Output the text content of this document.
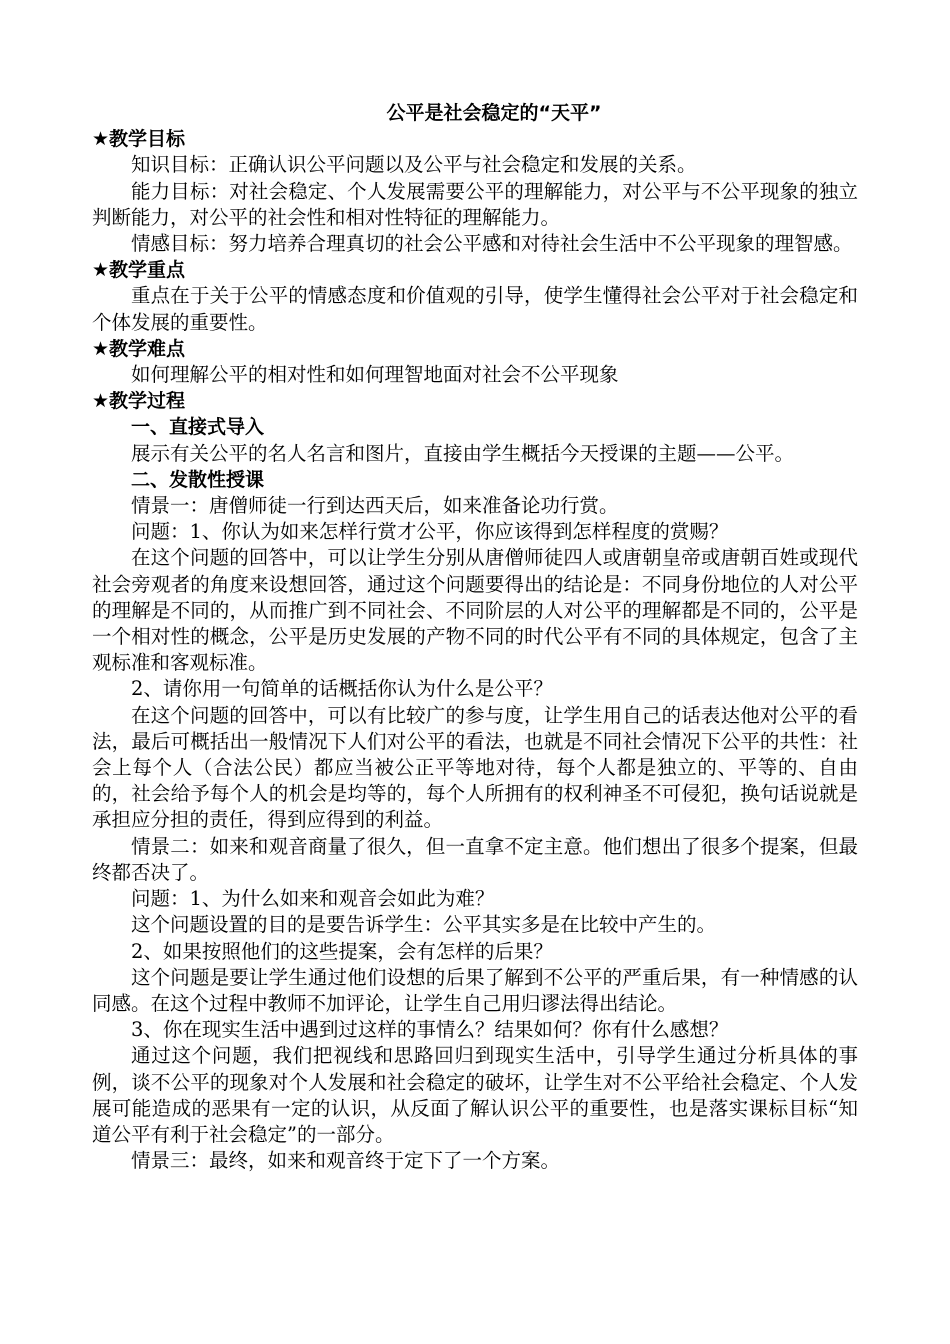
公平是社会稳定的“天平”

★教学目标

知识目标：正确认识公平问题以及公平与社会稳定和发展的关系。

能力目标：对社会稳定、个人发展需要公平的理解能力，对公平与不公平现象的独立判断能力，对公平的社会性和相对性特征的理解能力。

情感目标：努力培养合理真切的社会公平感和对待社会生活中不公平现象的理智感。

★教学重点

重点在于关于公平的情感态度和价值观的引导，使学生懂得社会公平对于社会稳定和个体发展的重要性。

★教学难点

如何理解公平的相对性和如何理智地面对社会不公平现象

★教学过程

一、直接式导入

展示有关公平的名人名言和图片，直接由学生概括今天授课的主题——公平。

二、发散性授课

情景一：唐僧师徒一行到达西天后，如来准备论功行赏。

问题：1、你认为如来怎样行赏才公平，你应该得到怎样程度的赏赐？

在这个问题的回答中，可以让学生分别从唐僧师徒四人或唐朝皇帝或唐朝百姓或现代社会旁观者的角度来设想回答，通过这个问题要得出的结论是：不同身份地位的人对公平的理解是不同的，从而推广到不同社会、不同阶层的人对公平的理解都是不同的，公平是一个相对性的概念，公平是历史发展的产物不同的时代公平有不同的具体规定，包含了主观标准和客观标准。

2、请你用一句简单的话概括你认为什么是公平？

在这个问题的回答中，可以有比较广的参与度，让学生用自己的话表达他对公平的看法，最后可概括出一般情况下人们对公平的看法，也就是不同社会情况下公平的共性：社会上每个人（合法公民）都应当被公正平等地对待，每个人都是独立的、平等的、自由的，社会给予每个人的机会是均等的，每个人所拥有的权利神圣不可侵犯，换句话说就是承担应分担的责任，得到应得到的利益。

情景二：如来和观音商量了很久，但一直拿不定主意。他们想出了很多个提案，但最终都否决了。

问题：1、为什么如来和观音会如此为难？

这个问题设置的目的是要告诉学生：公平其实多是在比较中产生的。

2、如果按照他们的这些提案，会有怎样的后果？

这个问题是要让学生通过他们设想的后果了解到不公平的严重后果，有一种情感的认同感。在这个过程中教师不加评论，让学生自己用归谬法得出结论。

3、你在现实生活中遇到过这样的事情么？结果如何？你有什么感想？

通过这个问题，我们把视线和思路回归到现实生活中，引导学生通过分析具体的事例，谈不公平的现象对个人发展和社会稳定的破坏，让学生对不公平给社会稳定、个人发展可能造成的恶果有一定的认识，从反面了解认识公平的重要性，也是落实课标目标“知道公平有利于社会稳定”的一部分。

情景三：最终，如来和观音终于定下了一个方案。
